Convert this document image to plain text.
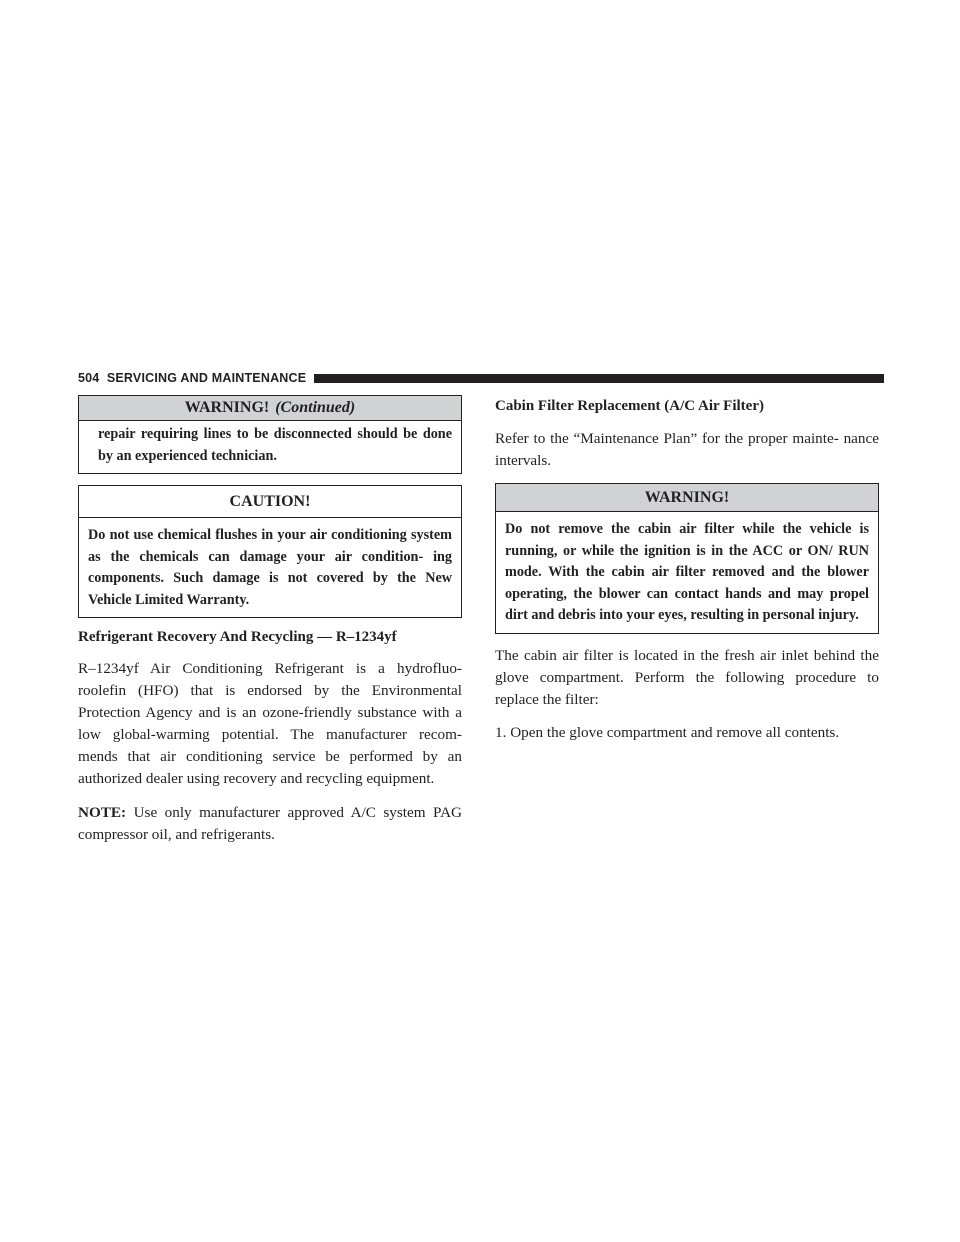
504 SERVICING AND MAINTENANCE
WARNING! (Continued)
repair requiring lines to be disconnected should be done by an experienced technician.
CAUTION!
Do not use chemical flushes in your air conditioning system as the chemicals can damage your air condition- ing components. Such damage is not covered by the New Vehicle Limited Warranty.

Refrigerant Recovery And Recycling — R–1234yf

R–1234yf Air Conditioning Refrigerant is a hydrofluo- roolefin (HFO) that is endorsed by the Environmental Protection Agency and is an ozone-friendly substance with a low global-warming potential. The manufacturer recom- mends that air conditioning service be performed by an authorized dealer using recovery and recycling equipment.

NOTE: Use only manufacturer approved A/C system PAG compressor oil, and refrigerants.

Cabin Filter Replacement (A/C Air Filter)

Refer to the “Maintenance Plan” for the proper mainte- nance intervals.

WARNING!
Do not remove the cabin air filter while the vehicle is running, or while the ignition is in the ACC or ON/ RUN mode. With the cabin air filter removed and the blower operating, the blower can contact hands and may propel dirt and debris into your eyes, resulting in personal injury.

The cabin air filter is located in the fresh air inlet behind the glove compartment. Perform the following procedure to replace the filter:

1. Open the glove compartment and remove all contents.
